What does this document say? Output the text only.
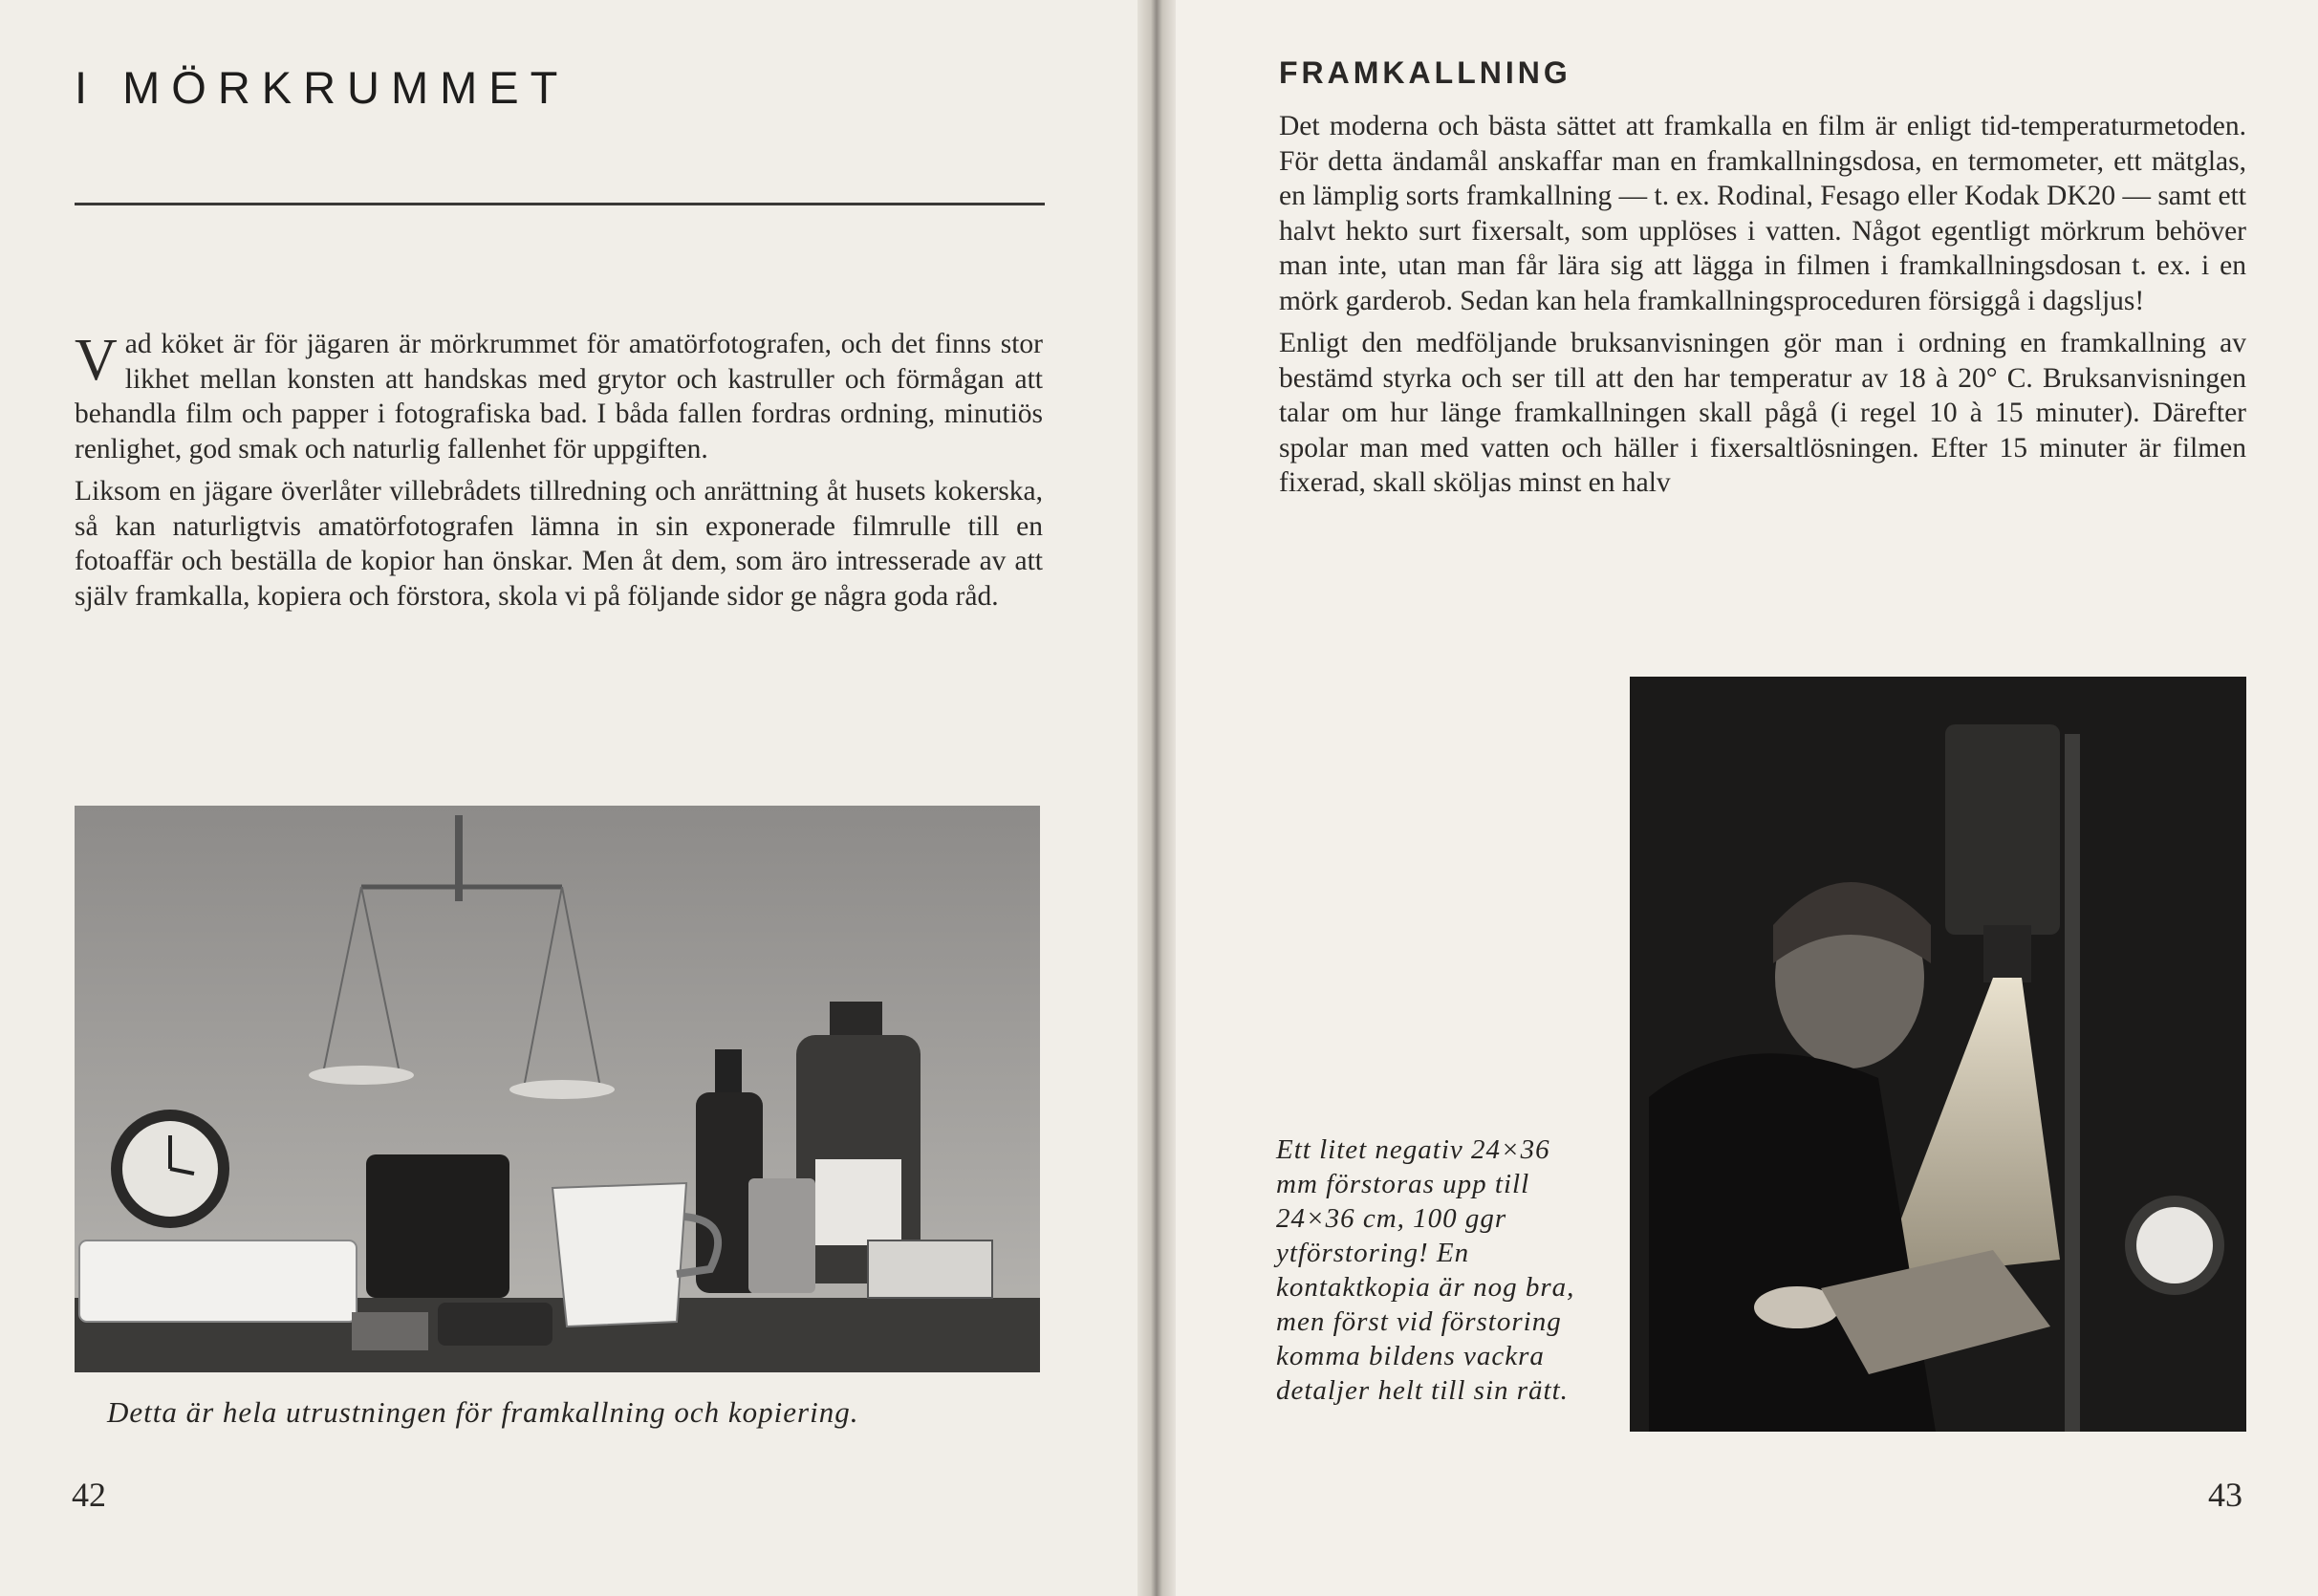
I MÖRKRUMMET

Vad köket är för jägaren är mörkrummet för amatörfotografen, och det finns stor likhet mellan konsten att handskas med grytor och kastruller och förmågan att behandla film och papper i fotografiska bad. I båda fallen fordras ordning, minutiös renlighet, god smak och naturlig fallenhet för uppgiften.

Liksom en jägare överlåter villebrådets tillredning och anrättning åt husets kokerska, så kan naturligtvis amatörfotografen lämna in sin exponerade filmrulle till en fotoaffär och beställa de kopior han önskar. Men åt dem, som äro intresserade av att själv framkalla, kopiera och förstora, skola vi på följande sidor ge några goda råd.

Detta är hela utrustningen för framkallning och kopiering.

42

FRAMKALLNING

Det moderna och bästa sättet att framkalla en film är enligt tid-temperaturmetoden. För detta ändamål anskaffar man en framkallningsdosa, en termometer, ett mätglas, en lämplig sorts framkallning — t. ex. Rodinal, Fesago eller Kodak DK20 — samt ett halvt hekto surt fixersalt, som upplöses i vatten. Något egentligt mörkrum behöver man inte, utan man får lära sig att lägga in filmen i framkallningsdosan t. ex. i en mörk garderob. Sedan kan hela framkallningsproceduren försiggå i dagsljus!

Enligt den medföljande bruksanvisningen gör man i ordning en framkallning av bestämd styrka och ser till att den har temperatur av 18 à 20° C. Bruksanvisningen talar om hur länge framkallningen skall pågå (i regel 10 à 15 minuter). Därefter spolar man med vatten och häller i fixersaltlösningen. Efter 15 minuter är filmen fixerad, skall sköljas minst en halv

Ett litet negativ 24×36 mm förstoras upp till 24×36 cm, 100 ggr ytförstoring! En kontaktkopia är nog bra, men först vid förstoring komma bildens vackra detaljer helt till sin rätt.

43
